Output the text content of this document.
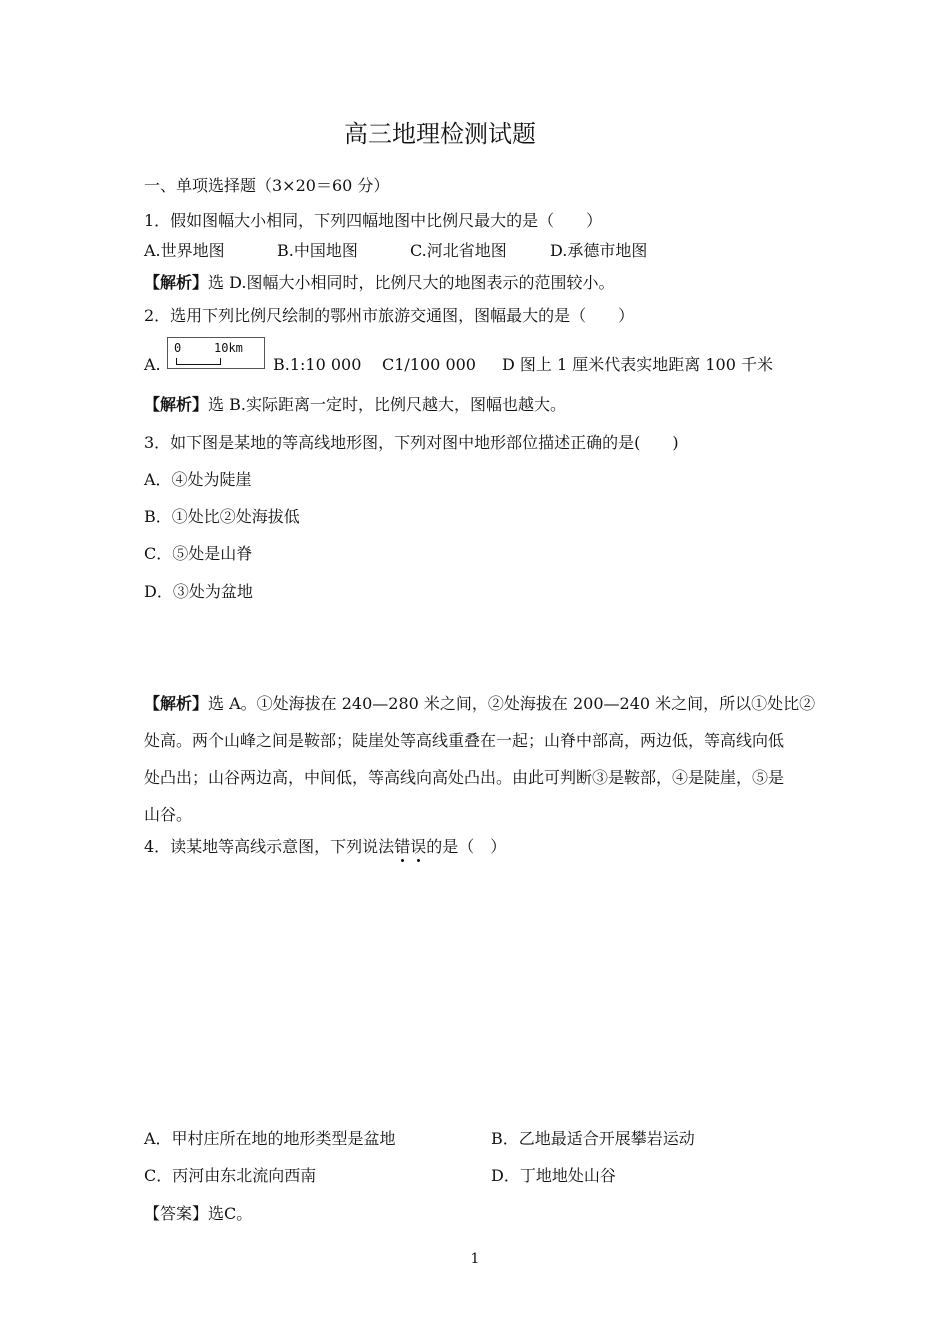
高三地理检测试题
一、单项选择题（3×20＝60 分）
1．假如图幅大小相同，下列四幅地图中比例尺最大的是（　　）
A.世界地图	B.中国地图	C.河北省地图	D.承德市地图
【解析】选 D.图幅大小相同时，比例尺大的地图表示的范围较小。
2．选用下列比例尺绘制的鄂州市旅游交通图，图幅最大的是（　　）
A.
0	10km
B.1:10 000 C1/100 000 D 图上 1 厘米代表实地距离 100 千米
【解析】选 B.实际距离一定时，比例尺越大，图幅也越大。
3．如下图是某地的等高线地形图，下列对图中地形部位描述正确的是(　　)
A．④处为陡崖
B．①处比②处海拔低
C．⑤处是山脊
D．③处为盆地
【解析】选 A。①处海拔在 240—280 米之间，②处海拔在 200—240 米之间，所以①处比②
处高。两个山峰之间是鞍部；陡崖处等高线重叠在一起；山脊中部高，两边低，等高线向低
处凸出；山谷两边高，中间低，等高线向高处凸出。由此可判断③是鞍部，④是陡崖，⑤是
山谷。
4．读某地等高线示意图，下列说法错
误
的是（　）
A．甲村庄所在地的地形类型是盆地	B．乙地最适合开展攀岩运动
C．丙河由东北流向西南	D．丁地地处山谷
【答案】选C。
1
